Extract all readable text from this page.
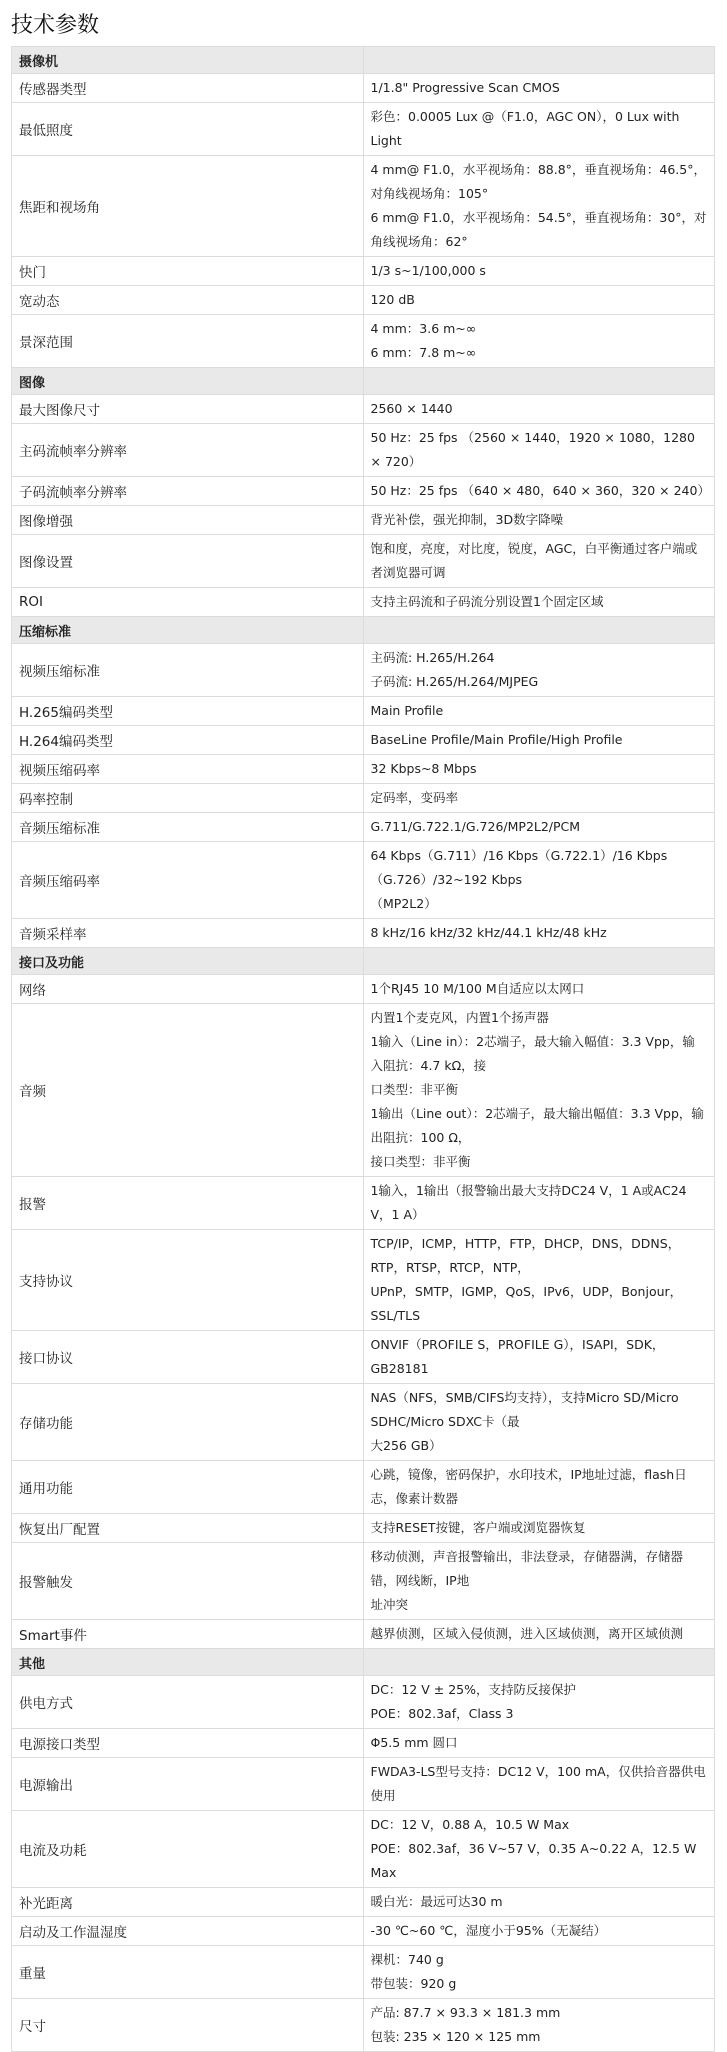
技术参数
摄像机	
传感器类型	1/1.8" Progressive Scan CMOS

最低照度	彩色：0.0005 Lux @（F1.0，AGC ON），0 Lux with Light

焦距和视场角	4 mm@ F1.0，水平视场角：88.8°，垂直视场角：46.5°，对角线视场角：105°
6 mm@ F1.0，水平视场角：54.5°，垂直视场角：30°，对角线视场角：62°

快门	1/3 s~1/100,000 s

宽动态	120 dB

景深范围	4 mm：3.6 m~∞
6 mm：7.8 m~∞

图像	
最大图像尺寸	2560 × 1440

主码流帧率分辨率	50 Hz：25 fps （2560 × 1440，1920 × 1080，1280 × 720）

子码流帧率分辨率	50 Hz：25 fps （640 × 480，640 × 360，320 × 240）

图像增强	背光补偿，强光抑制，3D数字降噪

图像设置	饱和度，亮度，对比度，锐度，AGC，白平衡通过客户端或者浏览器可调

ROI	支持主码流和子码流分别设置1个固定区域

压缩标准	
视频压缩标准	主码流: H.265/H.264
子码流: H.265/H.264/MJPEG

H.265编码类型	Main Profile

H.264编码类型	BaseLine Profile/Main Profile/High Profile

视频压缩码率	32 Kbps~8 Mbps

码率控制	定码率，变码率

音频压缩标准	G.711/G.722.1/G.726/MP2L2/PCM

音频压缩码率	64 Kbps（G.711）/16 Kbps（G.722.1）/16 Kbps（G.726）/32~192 Kbps
（MP2L2）

音频采样率	8 kHz/16 kHz/32 kHz/44.1 kHz/48 kHz

接口及功能	
网络	1个RJ45 10 M/100 M自适应以太网口

音频	内置1个麦克风，内置1个扬声器
1输入（Line in）：2芯端子，最大输入幅值：3.3 Vpp，输入阻抗：4.7 kΩ，接
口类型：非平衡
1输出（Line out）：2芯端子，最大输出幅值：3.3 Vpp，输出阻抗：100 Ω，
接口类型：非平衡

报警	1输入，1输出（报警输出最大支持DC24 V，1 A或AC24 V，1 A）

支持协议	TCP/IP，ICMP，HTTP，FTP，DHCP，DNS，DDNS，RTP，RTSP，RTCP，NTP，
UPnP，SMTP，IGMP，QoS，IPv6，UDP，Bonjour，SSL/TLS

接口协议	ONVIF（PROFILE S，PROFILE G），ISAPI，SDK，GB28181

存储功能	NAS（NFS，SMB/CIFS均支持），支持Micro SD/Micro SDHC/Micro SDXC卡（最
大256 GB）

通用功能	心跳，镜像，密码保护，水印技术，IP地址过滤，flash日志，像素计数器

恢复出厂配置	支持RESET按键，客户端或浏览器恢复

报警触发	移动侦测，声音报警输出，非法登录，存储器满，存储器错，网线断，IP地
址冲突

Smart事件	越界侦测，区域入侵侦测，进入区域侦测，离开区域侦测

其他	
供电方式	DC：12 V ± 25%，支持防反接保护
POE：802.3af，Class 3

电源接口类型	Φ5.5 mm 圆口

电源输出	FWDA3-LS型号支持：DC12 V，100 mA，仅供拾音器供电使用

电流及功耗	DC：12 V，0.88 A，10.5 W Max
POE：802.3af，36 V~57 V，0.35 A~0.22 A，12.5 W Max

补光距离	暖白光：最远可达30 m

启动及工作温湿度	-30 ℃~60 ℃，湿度小于95%（无凝结）

重量	裸机：740 g
带包装：920 g

尺寸	产品: 87.7 × 93.3 × 181.3 mm
包装: 235 × 120 × 125 mm
